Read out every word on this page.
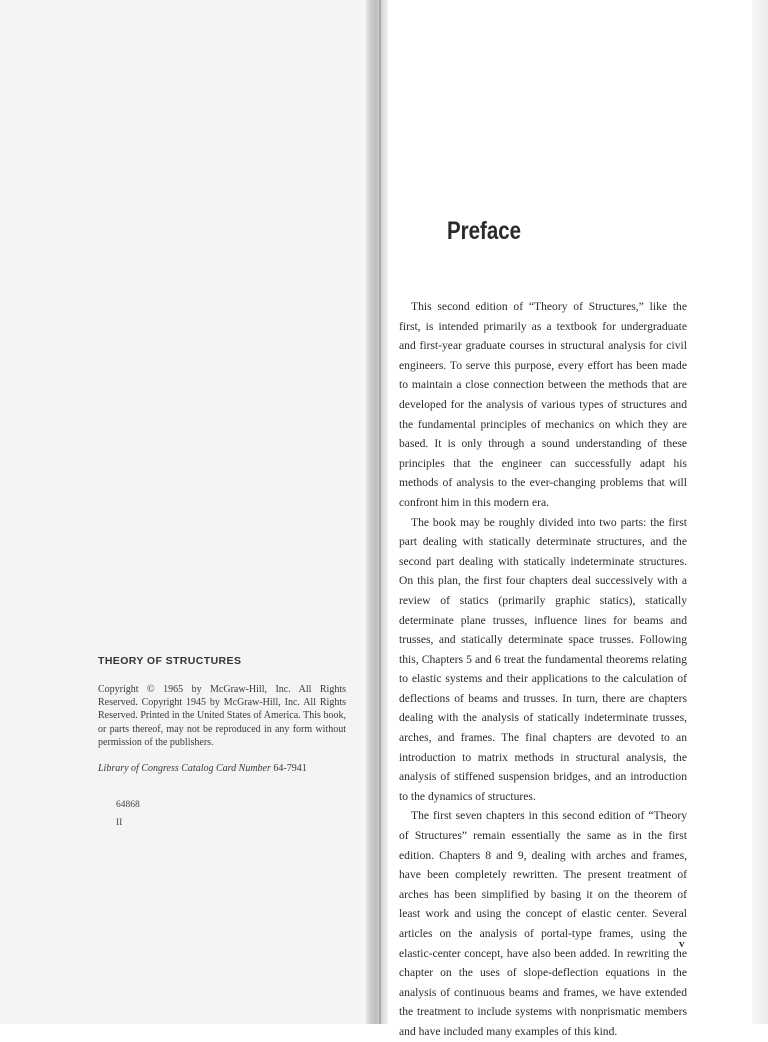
THEORY OF STRUCTURES

Copyright © 1965 by McGraw-Hill, Inc. All Rights Reserved. Copyright 1945 by McGraw-Hill, Inc. All Rights Reserved. Printed in the United States of America. This book, or parts thereof, may not be reproduced in any form without permission of the publishers.

Library of Congress Catalog Card Number 64-7941
64868
II
Preface

This second edition of “Theory of Structures,” like the first, is intended primarily as a textbook for undergraduate and first-year graduate courses in structural analysis for civil engineers. To serve this purpose, every effort has been made to maintain a close connection between the methods that are developed for the analysis of various types of structures and the fundamental principles of mechanics on which they are based. It is only through a sound understanding of these principles that the engineer can successfully adapt his methods of analysis to the ever-changing problems that will confront him in this modern era.

The book may be roughly divided into two parts: the first part dealing with statically determinate structures, and the second part dealing with statically indeterminate structures. On this plan, the first four chapters deal successively with a review of statics (primarily graphic statics), statically determinate plane trusses, influence lines for beams and trusses, and statically determinate space trusses. Following this, Chapters 5 and 6 treat the fundamental theorems relating to elastic systems and their applications to the calculation of deflections of beams and trusses. In turn, there are chapters dealing with the analysis of statically indeterminate trusses, arches, and frames. The final chapters are devoted to an introduction to matrix methods in structural analysis, the analysis of stiffened suspension bridges, and an introduction to the dynamics of structures.

The first seven chapters in this second edition of “Theory of Structures” remain essentially the same as in the first edition. Chapters 8 and 9, dealing with arches and frames, have been completely rewritten. The present treatment of arches has been simplified by basing it on the theorem of least work and using the concept of elastic center. Several articles on the analysis of portal-type frames, using the elastic-center concept, have also been added. In rewriting the chapter on the uses of slope-deflection equations in the analysis of continuous beams and frames, we have extended the treatment to include systems with nonprismatic members and have included many examples of this kind.

v
